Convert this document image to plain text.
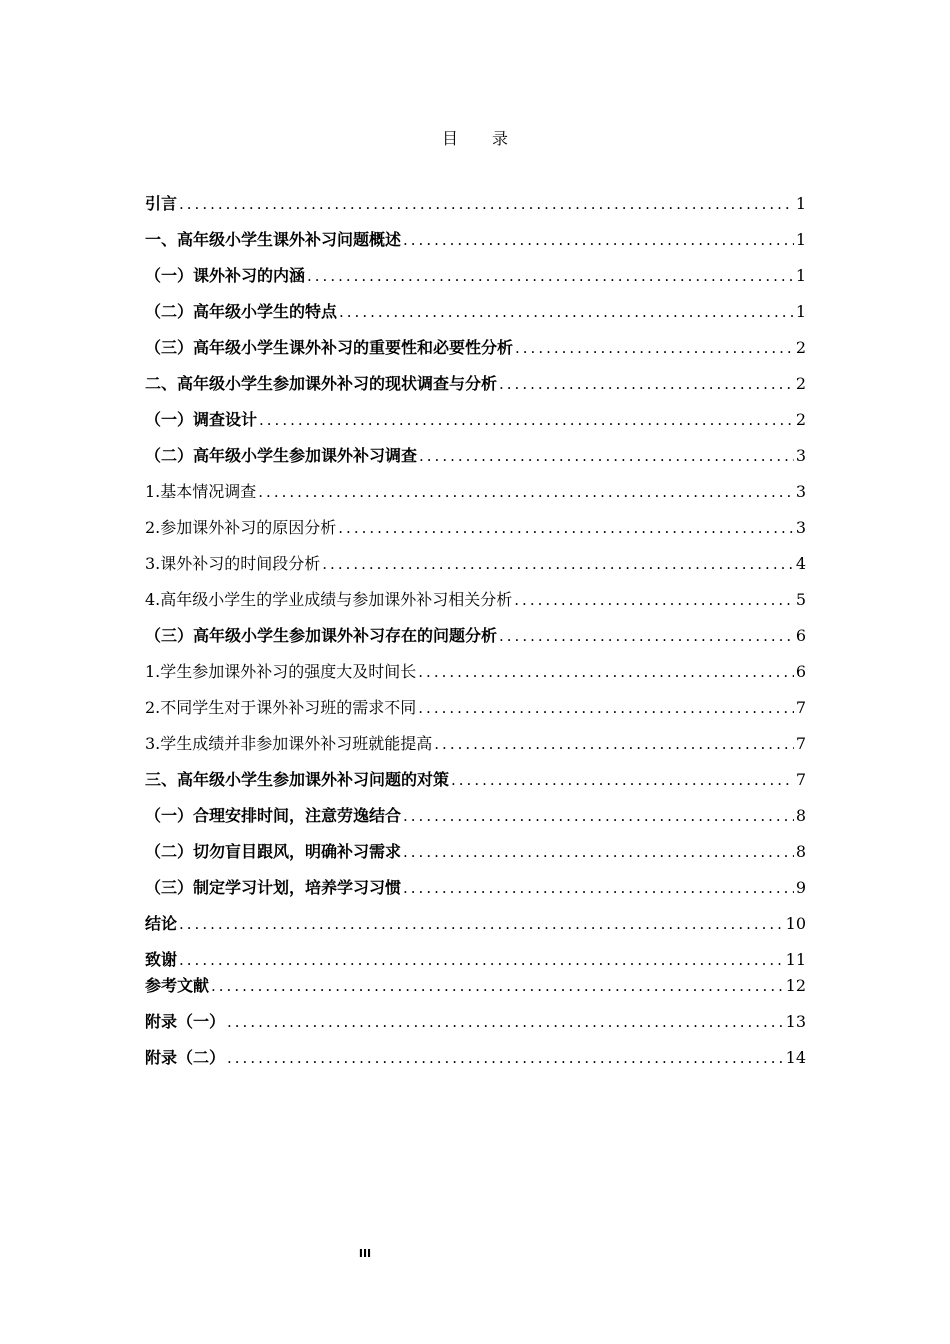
目 录
引言 .....	1
一、高年级小学生课外补习问题概述 .....	1
（一）课外补习的内涵 .....	1
（二）高年级小学生的特点 .....	1
（三）高年级小学生课外补习的重要性和必要性分析 .....	2
二、高年级小学生参加课外补习的现状调查与分析 .....	2
（一）调查设计 .....	2
（二）高年级小学生参加课外补习调查 .....	3
1.基本情况调查 .....	3
2.参加课外补习的原因分析 .....	3
3.课外补习的时间段分析 .....	4
4.高年级小学生的学业成绩与参加课外补习相关分析 .....	5
（三）高年级小学生参加课外补习存在的问题分析 .....	6
1.学生参加课外补习的强度大及时间长 .....	6
2.不同学生对于课外补习班的需求不同 .....	7
3.学生成绩并非参加课外补习班就能提高 .....	7
三、高年级小学生参加课外补习问题的对策 .....	7
（一）合理安排时间，注意劳逸结合 .....	8
（二）切勿盲目跟风，明确补习需求 .....	8
（三）制定学习计划，培养学习习惯 .....	9
结论 .....	10
致谢 .....	11
参考文献 .....	12
附录（一） .....	13
附录（二） .....	14
III
